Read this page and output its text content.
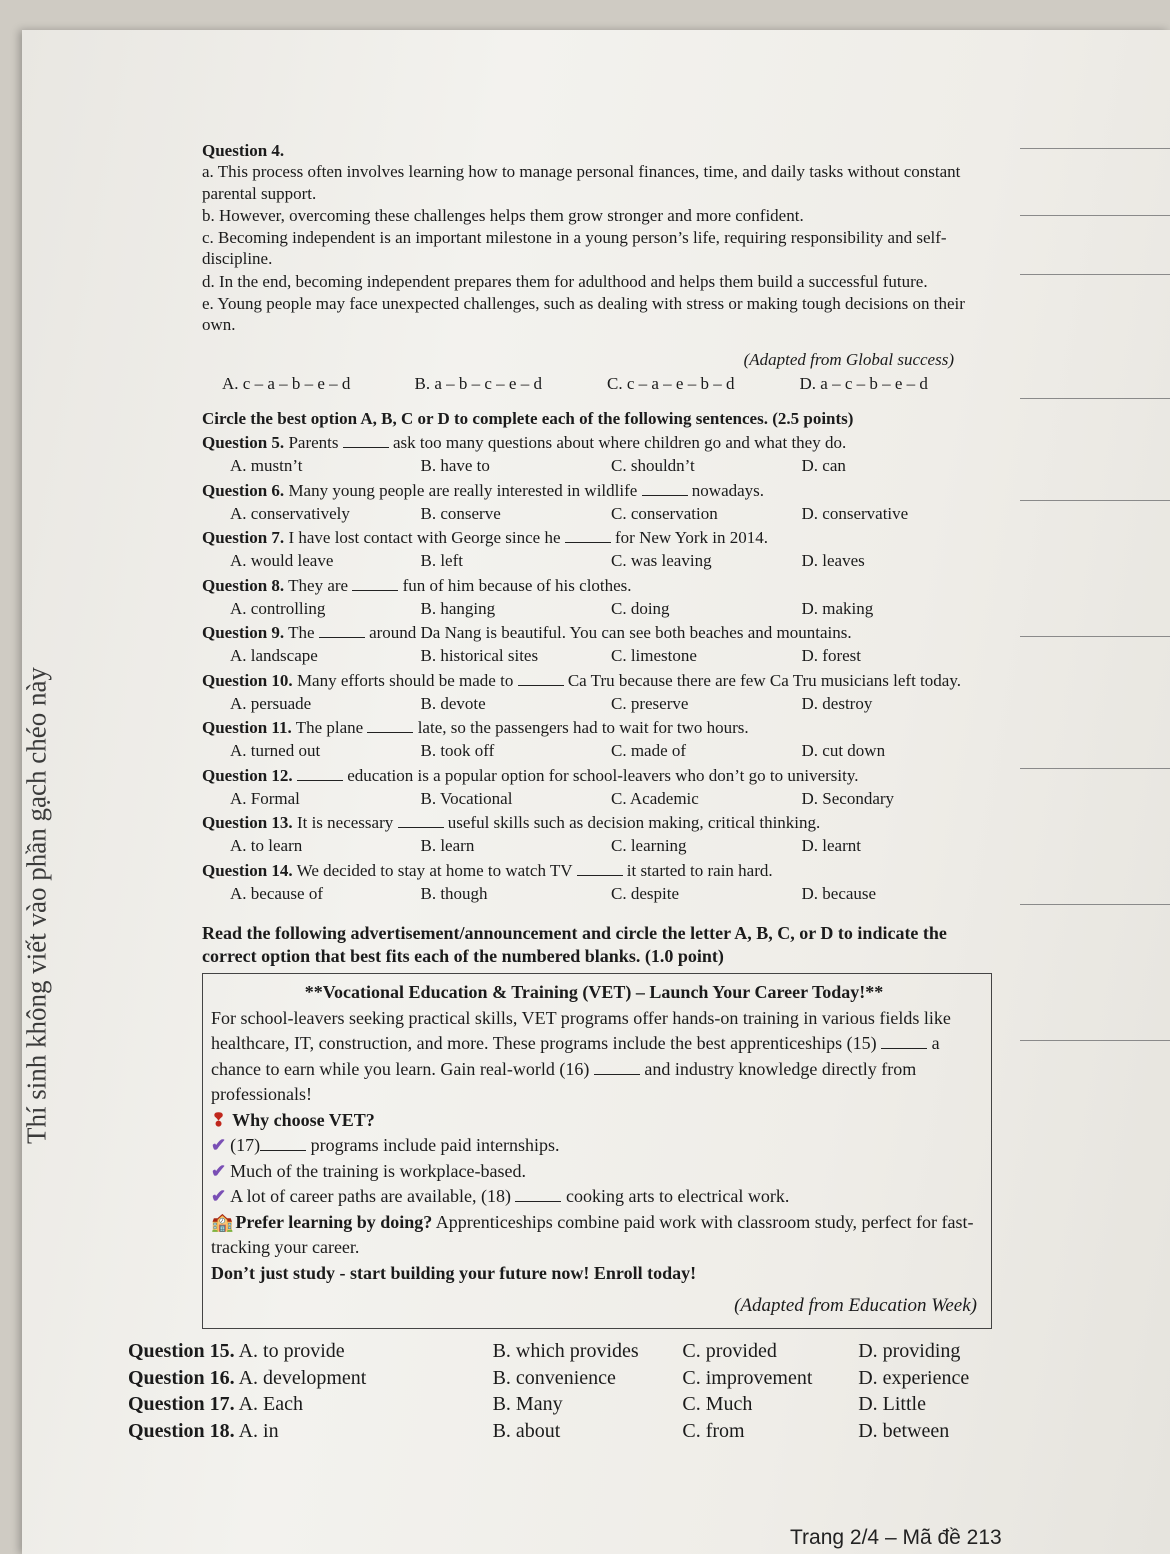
Thí sinh không viết vào phần gạch chéo này
Question 4.

a. This process often involves learning how to manage personal finances, time, and daily tasks without constant parental support.

b. However, overcoming these challenges helps them grow stronger and more confident.

c. Becoming independent is an important milestone in a young person’s life, requiring responsibility and self-discipline.

d. In the end, becoming independent prepares them for adulthood and helps them build a successful future.

e. Young people may face unexpected challenges, such as dealing with stress or making tough decisions on their own.

(Adapted from Global success)

A. c – a – b – e – d	B. a – b – c – e – d	C. c – a – e – b – d	D. a – c – b – e – d

Circle the best option A, B, C or D to complete each of the following sentences. (2.5 points)

Question 5. Parents	ask too many questions about where children go and what they do.

A. mustn’t	B. have to	C. shouldn’t	D. can

Question 6. Many young people are really interested in wildlife	nowadays.

A. conservatively	B. conserve	C. conservation	D. conservative

Question 7. I have lost contact with George since he	for New York in 2014.

A. would leave	B. left	C. was leaving	D. leaves

Question 8. They are	fun of him because of his clothes.

A. controlling	B. hanging	C. doing	D. making

Question 9. The	around Da Nang is beautiful. You can see both beaches and mountains.

A. landscape	B. historical sites	C. limestone	D. forest

Question 10. Many efforts should be made to	Ca Tru because there are few Ca Tru musicians left today.

A. persuade	B. devote	C. preserve	D. destroy

Question 11. The plane	late, so the passengers had to wait for two hours.

A. turned out	B. took off	C. made of	D. cut down

Question 12.	education is a popular option for school-leavers who don’t go to university.

A. Formal	B. Vocational	C. Academic	D. Secondary

Question 13. It is necessary	useful skills such as decision making, critical thinking.

A. to learn	B. learn	C. learning	D. learnt

Question 14. We decided to stay at home to watch TV	it started to rain hard.

A. because of	B. though	C. despite	D. because

Read the following advertisement/announcement and circle the letter A, B, C, or D to indicate the correct option that best fits each of the numbered blanks. (1.0 point)

**Vocational Education & Training (VET) – Launch Your Career Today!**

For school-leavers seeking practical skills, VET programs offer hands-on training in various fields like healthcare, IT, construction, and more. These programs include the best apprenticeships (15)	a chance to earn while you learn. Gain real-world (16)	and industry knowledge directly from professionals!

❢ Why choose VET?

✔ (17)	programs include paid internships.

✔ Much of the training is workplace-based.

✔ A lot of career paths are available, (18)	cooking arts to electrical work.

🏫 Prefer learning by doing? Apprenticeships combine paid work with classroom study, perfect for fast-tracking your career.

Don’t just study - start building your future now! Enroll today!

(Adapted from Education Week)

Question 15. A. to provide	B. which provides	C. provided	D. providing
Question 16. A. development	B. convenience	C. improvement	D. experience
Question 17. A. Each	B. Many	C. Much	D. Little
Question 18. A. in	B. about	C. from	D. between
Trang 2/4 – Mã đề 213
